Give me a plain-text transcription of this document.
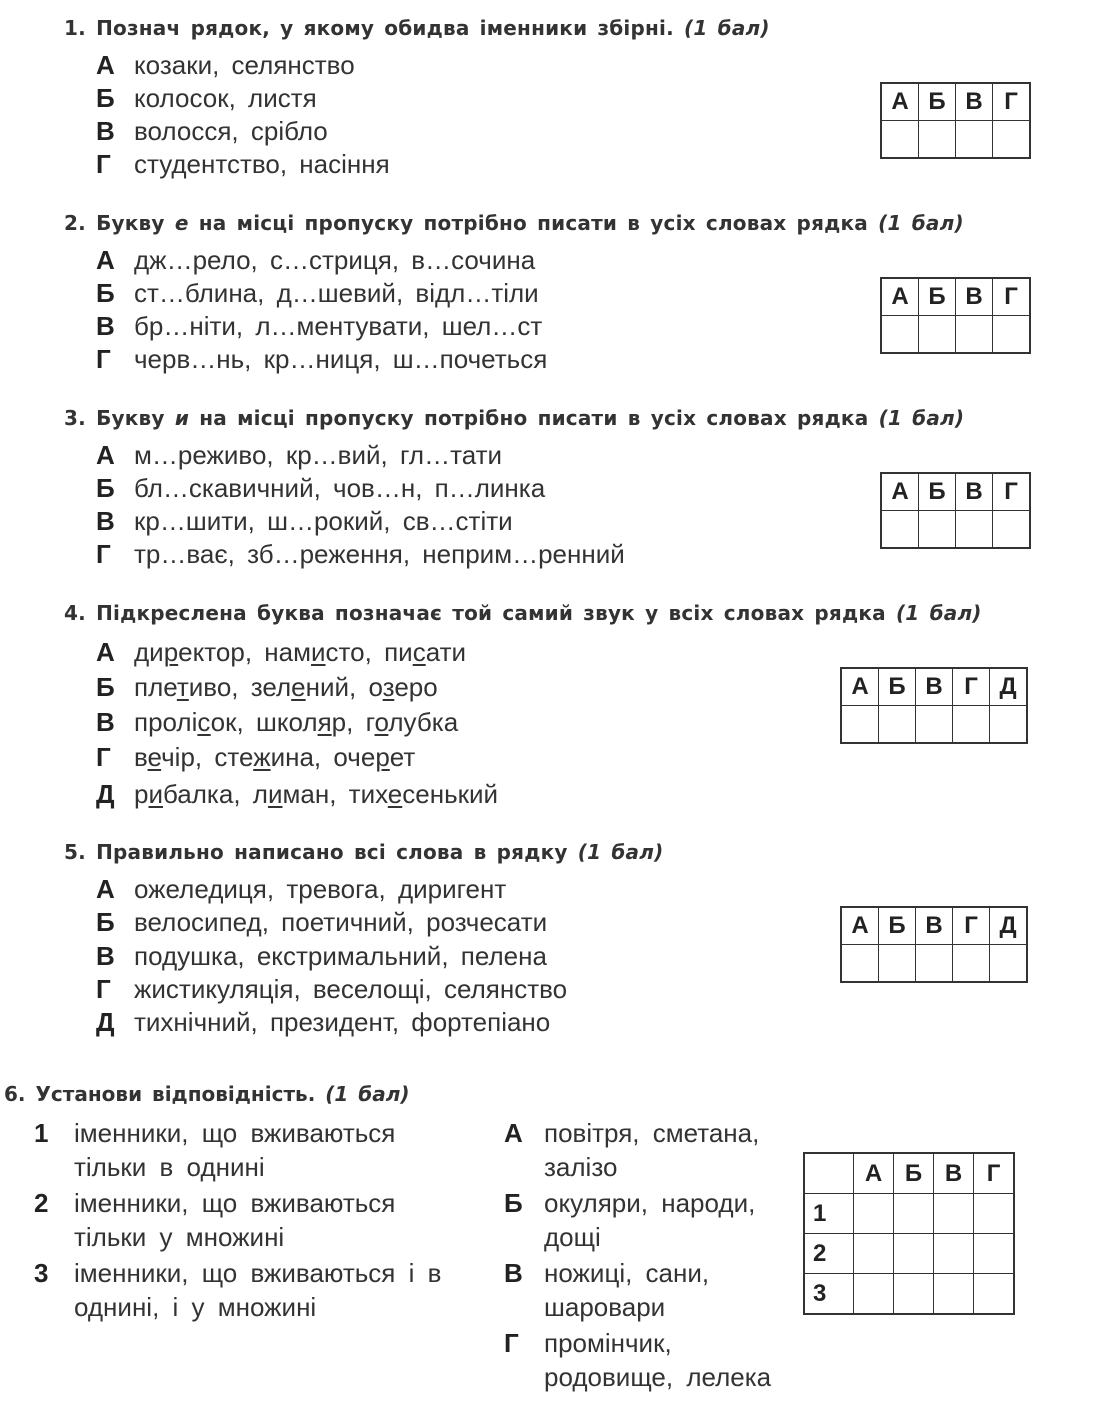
1. Познач рядок, у якому обидва іменники збірні. (1 бал)
А козаки, селянство
Б колосок, листя
В волосся, срібло
Г студентство, насіння
А	Б	В	Г

2. Букву е на місці пропуску потрібно писати в усіх словах рядка (1 бал)
А дж…рело, с…стриця, в…сочина
Б ст…блина, д…шевий, відл…тіли
В бр…ніти, л…ментувати, шел…ст
Г черв…нь, кр…ниця, ш…почеться
А	Б	В	Г

3. Букву и на місці пропуску потрібно писати в усіх словах рядка (1 бал)
А м…реживо, кр…вий, гл…тати
Б бл…скавичний, чов…н, п…линка
В кр…шити, ш…рокий, св…стіти
Г тр…ває, зб…реження, неприм…ренний
А	Б	В	Г

4. Підкреслена буква позначає той самий звук у всіх словах рядка (1 бал)
А директор, намисто, писати
Б плетиво, зелений, озеро
В пролісок, школяр, голубка
Г вечір, стежина, очерет
Д рибалка, лиман, тихесенький
А	Б	В	Г	Д

5. Правильно написано всі слова в рядку (1 бал)
А ожеледиця, тревога, диригент
Б велосипед, поетичний, розчесати
В подушка, екстримальний, пелена
Г жистикуляція, веселощі, селянство
Д тихнічний, президент, фортепіано
А	Б	В	Г	Д

6. Установи відповідність. (1 бал)
1 іменники, що вживаються тільки в однині
2 іменники, що вживаються тільки у множині
3 іменники, що вживаються і в однині, і у множині
А повітря, сметана, залізо
Б окуляри, народи, дощі
В ножиці, сани, шаровари
Г промінчик, родовище, лелека
	А	Б	В	Г
1				
2				
3				
